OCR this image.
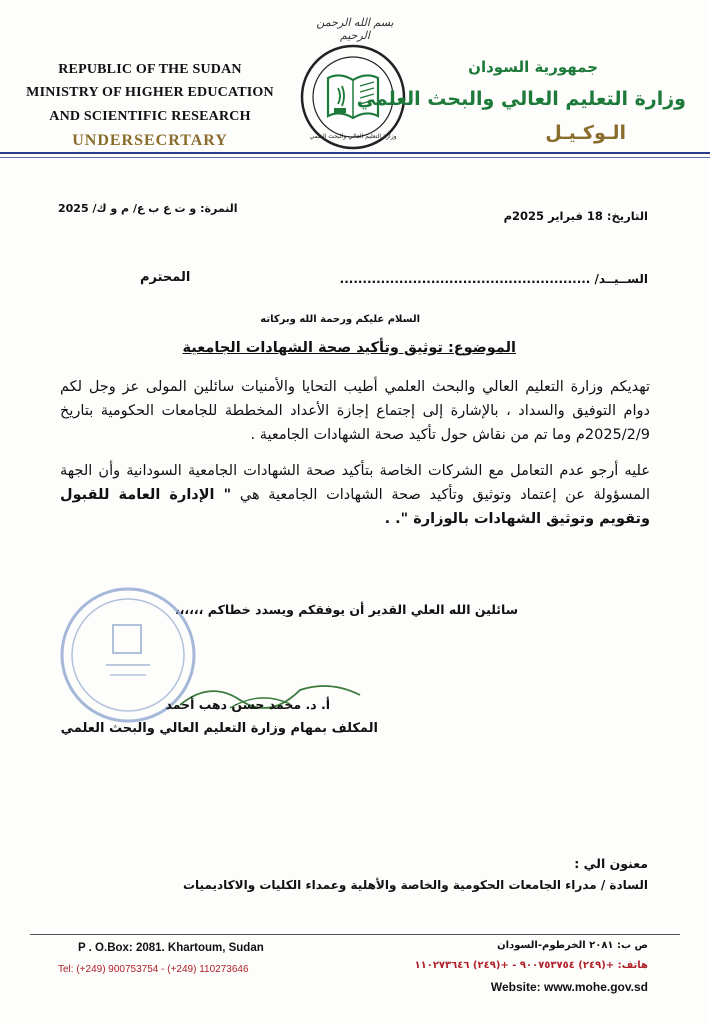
بسم الله الرحمن الرحيم
REPUBLIC OF THE SUDAN
MINISTRY OF HIGHER EDUCATION
AND SCIENTIFIC RESEARCH
UNDERSECRTARY	وزارة التعليم العالي والبحث العلمي
جمهورية السودان
وزارة التعليم العالي والبحث العلمي
الـوكـيـل
النمرة: و ت ع ب ع/ م و ك/ 2025
التاريخ: 18 فبراير 2025م
الســيــد/ .......................................................
المحترم
السلام عليكم ورحمة الله وبركاته
الموضوع: توثيق وتأكيد صحة الشهادات الجامعية
تهديكم وزارة التعليم العالي والبحث العلمي أطيب التحايا والأمنيات سائلين المولى عز وجل لكم دوام التوفيق والسداد ، بالإشارة إلى إجتماع إجازة الأعداد المخططة للجامعات الحكومية بتاريخ 2025/2/9م وما تم من نقاش حول تأكيد صحة الشهادات الجامعية .
عليه أرجو عدم التعامل مع الشركات الخاصة بتأكيد صحة الشهادات الجامعية السودانية وأن الجهة المسؤولة عن إعتماد وتوثيق وتأكيد صحة الشهادات الجامعية هي " الإدارة العامة للقبول وتقويم وتوثيق الشهادات بالوزارة ". .
سائلين الله العلي القدير أن يوفقكم ويسدد خطاكم ،،،،،،
أ. د. محمد حسن دهب أحمد
المكلف بمهام وزارة التعليم العالي والبحث العلمي
معنون الي :
السادة / مدراء الجامعات الحكومية والخاصة والأهلية وعمداء الكليات والاكاديميات
P . O.Box: 2081. Khartoum, Sudan
Tel: (+249) 900753754 - (+249) 110273646
ص ب: ٢٠٨١ الخرطوم-السودان
هاتف: +(٢٤٩) ٩٠٠٧٥٣٧٥٤ - +(٢٤٩) ١١٠٢٧٣٦٤٦
Website: www.mohe.gov.sd
